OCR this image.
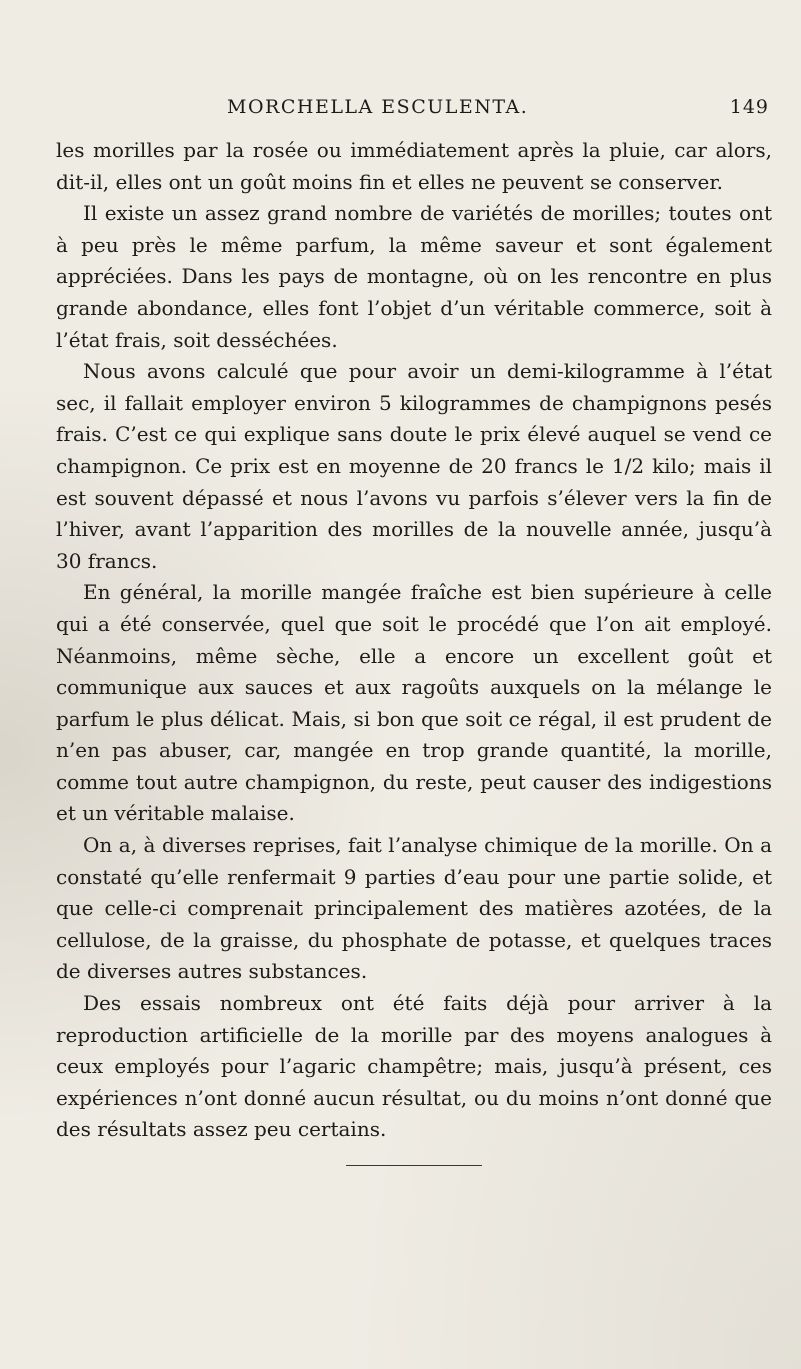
MORCHELLA ESCULENTA.	149

les morilles par la rosée ou immédiatement après la pluie, car alors, dit-il, elles ont un goût moins fin et elles ne peuvent se conserver.

Il existe un assez grand nombre de variétés de morilles; toutes ont à peu près le même parfum, la même saveur et sont également appréciées. Dans les pays de montagne, où on les rencontre en plus grande abondance, elles font l’objet d’un véritable commerce, soit à l’état frais, soit desséchées.

Nous avons calculé que pour avoir un demi-kilogramme à l’état sec, il fallait employer environ 5 kilogrammes de champignons pesés frais. C’est ce qui explique sans doute le prix élevé auquel se vend ce champignon. Ce prix est en moyenne de 20 francs le 1/2 kilo; mais il est souvent dépassé et nous l’avons vu parfois s’élever vers la fin de l’hiver, avant l’apparition des morilles de la nouvelle année, jusqu’à 30 francs.

En général, la morille mangée fraîche est bien supérieure à celle qui a été conservée, quel que soit le procédé que l’on ait employé. Néanmoins, même sèche, elle a encore un excellent goût et communique aux sauces et aux ragoûts auxquels on la mélange le parfum le plus délicat. Mais, si bon que soit ce régal, il est prudent de n’en pas abuser, car, mangée en trop grande quantité, la morille, comme tout autre champignon, du reste, peut causer des indigestions et un véritable malaise.

On a, à diverses reprises, fait l’analyse chimique de la morille. On a constaté qu’elle renfermait 9 parties d’eau pour une partie solide, et que celle-ci comprenait principalement des matières azotées, de la cellulose, de la graisse, du phosphate de potasse, et quelques traces de diverses autres substances.

Des essais nombreux ont été faits déjà pour arriver à la reproduction artificielle de la morille par des moyens analogues à ceux employés pour l’agaric champêtre; mais, jusqu’à présent, ces expériences n’ont donné aucun résultat, ou du moins n’ont donné que des résultats assez peu certains.
